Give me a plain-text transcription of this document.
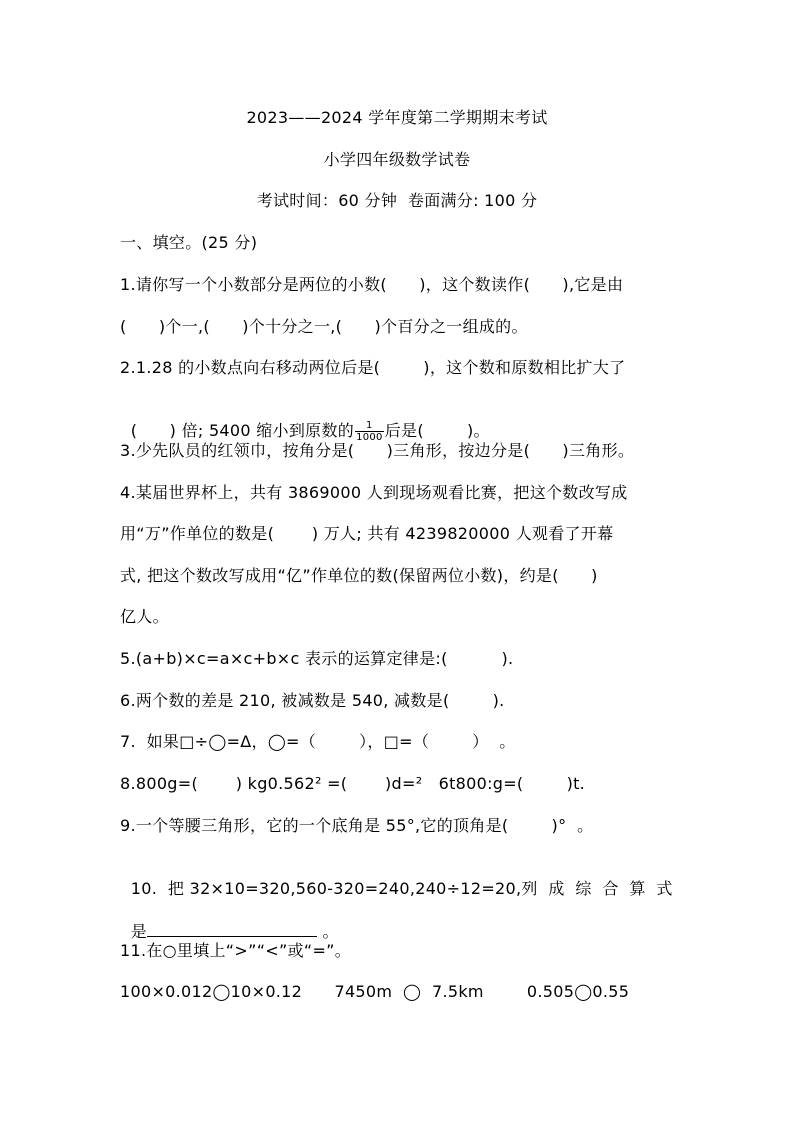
2023——2024 学年度第二学期期末考试
小学四年级数学试卷
考试时间：60 分钟  卷面满分: 100 分
一、填空。(25 分)
1.请你写一个小数部分是两位的小数(      )，这个数读作(      ),它是由
(      )个一,(      )个十分之一,(      )个百分之一组成的。
2.1.28 的小数点向右移动两位后是(        )，这个数和原数相比扩大了

(      ) 倍; 5400 缩小到原数的 $\frac{1}{1000}$ 后是(        )。

3.少先队员的红领巾，按角分是(      )三角形，按边分是(      )三角形。
4.某届世界杯上，共有 3869000 人到现场观看比赛，把这个数改写成
用“万”作单位的数是(       ) 万人; 共有 4239820000 人观看了开幕
式, 把这个数改写成用“亿”作单位的数(保留两位小数)，约是(      )
亿人。
5.(a+b)×c=a×c+b×c 表示的运算定律是:(          ).
6.两个数的差是 210, 被减数是 540, 减数是(        ).
7.  如果□÷◯=Δ，◯=（        ），□=（        ）  。
8.800g=(       ) kg0.562² =(       )d=²   6t800:g=(        )t.
9.一个等腰三角形，它的一个底角是 55°,它的顶角是(        )°  。

10.  把 32×10=320,560-320=240,240÷12=20,列成综合算式

是	。

11.在○里填上“>”“<”或“=”。
100×0.012◯10×0.12      7450m  ◯  7.5km        0.505◯0.55
